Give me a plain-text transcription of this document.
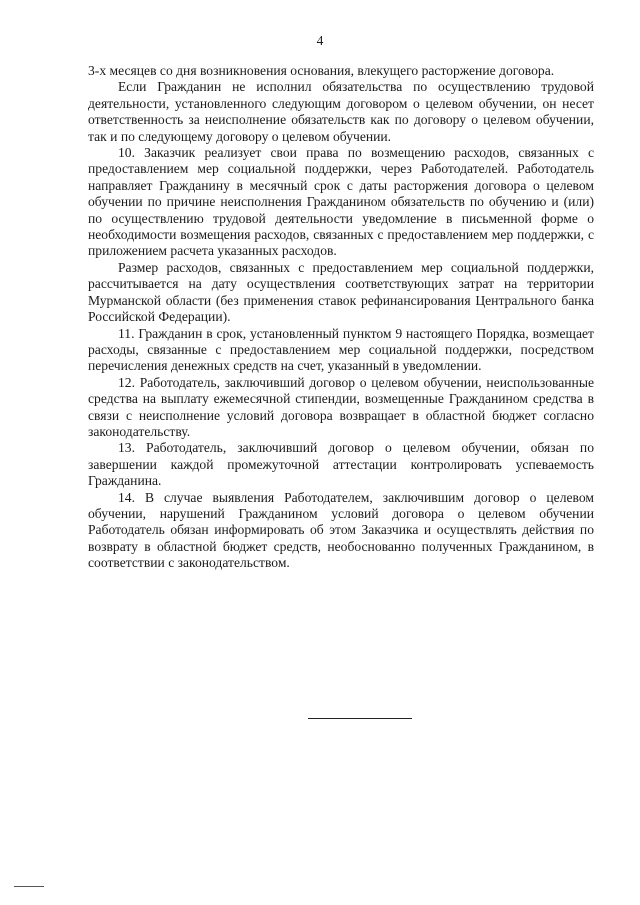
4

3-х месяцев со дня возникновения основания, влекущего расторжение договора.

Если Гражданин не исполнил обязательства по осуществлению трудовой деятельности, установленного следующим договором о целевом обучении, он несет ответственность за неисполнение обязательств как по договору о целевом обучении, так и по следующему договору о целевом обучении.

10. Заказчик реализует свои права по возмещению расходов, связанных с предоставлением мер социальной поддержки, через Работодателей. Работодатель направляет Гражданину в месячный срок с даты расторжения договора о целевом обучении по причине неисполнения Гражданином обязательств по обучению и (или) по осуществлению трудовой деятельности уведомление в письменной форме о необходимости возмещения расходов, связанных с предоставлением мер поддержки, с приложением расчета указанных расходов.

Размер расходов, связанных с предоставлением мер социальной поддержки, рассчитывается на дату осуществления соответствующих затрат на территории Мурманской области (без применения ставок рефинансирования Центрального банка Российской Федерации).

11. Гражданин в срок, установленный пунктом 9 настоящего Порядка, возмещает расходы, связанные с предоставлением мер социальной поддержки, посредством перечисления денежных средств на счет, указанный в уведомлении.

12. Работодатель, заключивший договор о целевом обучении, неиспользованные средства на выплату ежемесячной стипендии, возмещенные Гражданином средства в связи с неисполнение условий договора возвращает в областной бюджет согласно законодательству.

13. Работодатель, заключивший договор о целевом обучении, обязан по завершении каждой промежуточной аттестации контролировать успеваемость Гражданина.

14. В случае выявления Работодателем, заключившим договор о целевом обучении, нарушений Гражданином условий договора о целевом обучении Работодатель обязан информировать об этом Заказчика и осуществлять действия по возврату в областной бюджет средств, необоснованно полученных Гражданином, в соответствии с законодательством.
